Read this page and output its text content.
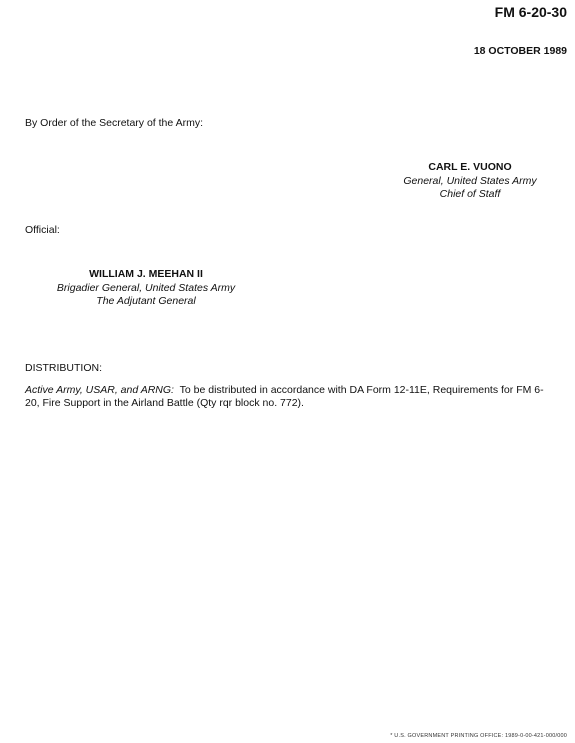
FM 6-20-30
18 OCTOBER 1989
By Order of the Secretary of the Army:
CARL E. VUONO
General, United States Army
Chief of Staff
Official:
WILLIAM J. MEEHAN II
Brigadier General, United States Army
The Adjutant General
DISTRIBUTION:
Active Army, USAR, and ARNG: To be distributed in accordance with DA Form 12-11E, Requirements for FM 6-20, Fire Support in the Airland Battle (Qty rqr block no. 772).
* U.S. GOVERNMENT PRINTING OFFICE: 1989-0-00-421-000/000
